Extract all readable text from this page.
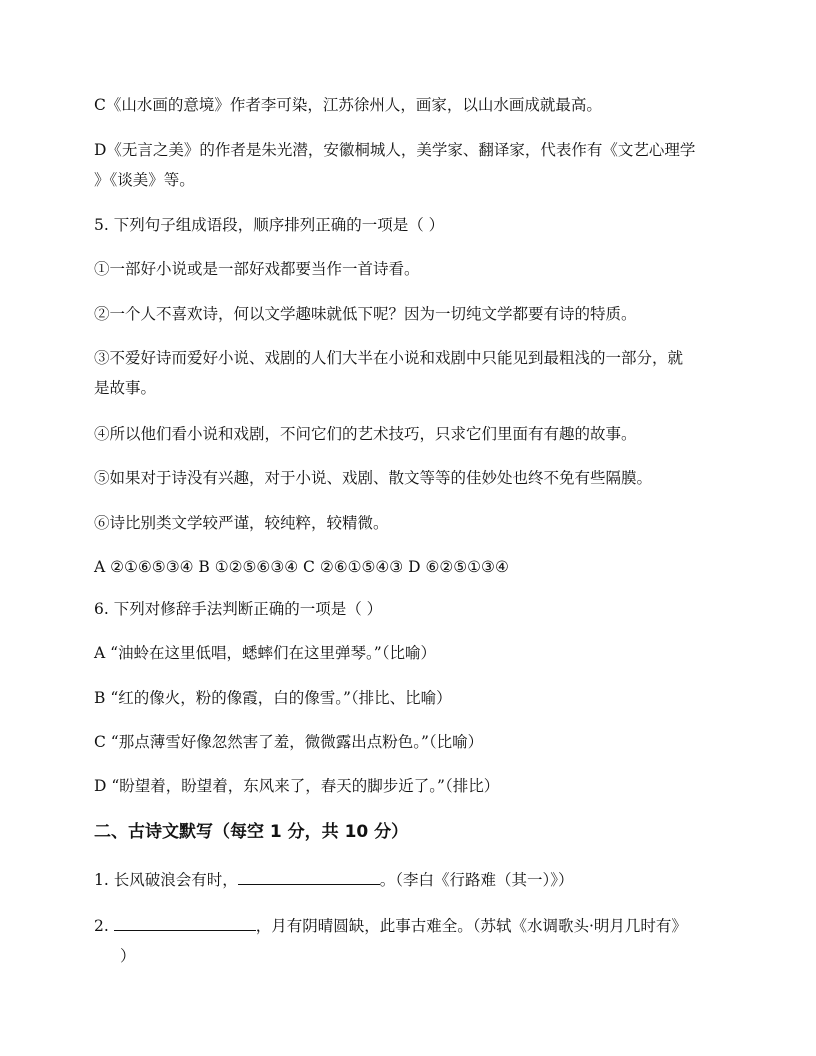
C《山水画的意境》作者李可染，江苏徐州人，画家，以山水画成就最高。
D《无言之美》的作者是朱光潜，安徽桐城人，美学家、翻译家，代表作有《文艺心理学
》《谈美》等。
5. 下列句子组成语段，顺序排列正确的一项是（ ）
①一部好小说或是一部好戏都要当作一首诗看。
②一个人不喜欢诗，何以文学趣味就低下呢？因为一切纯文学都要有诗的特质。
③不爱好诗而爱好小说、戏剧的人们大半在小说和戏剧中只能见到最粗浅的一部分，就
是故事。
④所以他们看小说和戏剧，不问它们的艺术技巧，只求它们里面有有趣的故事。
⑤如果对于诗没有兴趣，对于小说、戏剧、散文等等的佳妙处也终不免有些隔膜。
⑥诗比别类文学较严谨，较纯粹，较精微。
A ②①⑥⑤③④ B ①②⑤⑥③④ C ②⑥①⑤④③ D ⑥②⑤①③④
6. 下列对修辞手法判断正确的一项是（ ）
A “油蛉在这里低唱，蟋蟀们在这里弹琴。”（比喻）
B “红的像火，粉的像霞，白的像雪。”（排比、比喻）
C “那点薄雪好像忽然害了羞，微微露出点粉色。”（比喻）
D “盼望着，盼望着，东风来了，春天的脚步近了。”（排比）
二、古诗文默写（每空 1 分，共 10 分）
1. 长风破浪会有时，	。（李白《行路难（其一）》）
2.	，月有阴晴圆缺，此事古难全。（苏轼《水调歌头·明月几时有》
）
